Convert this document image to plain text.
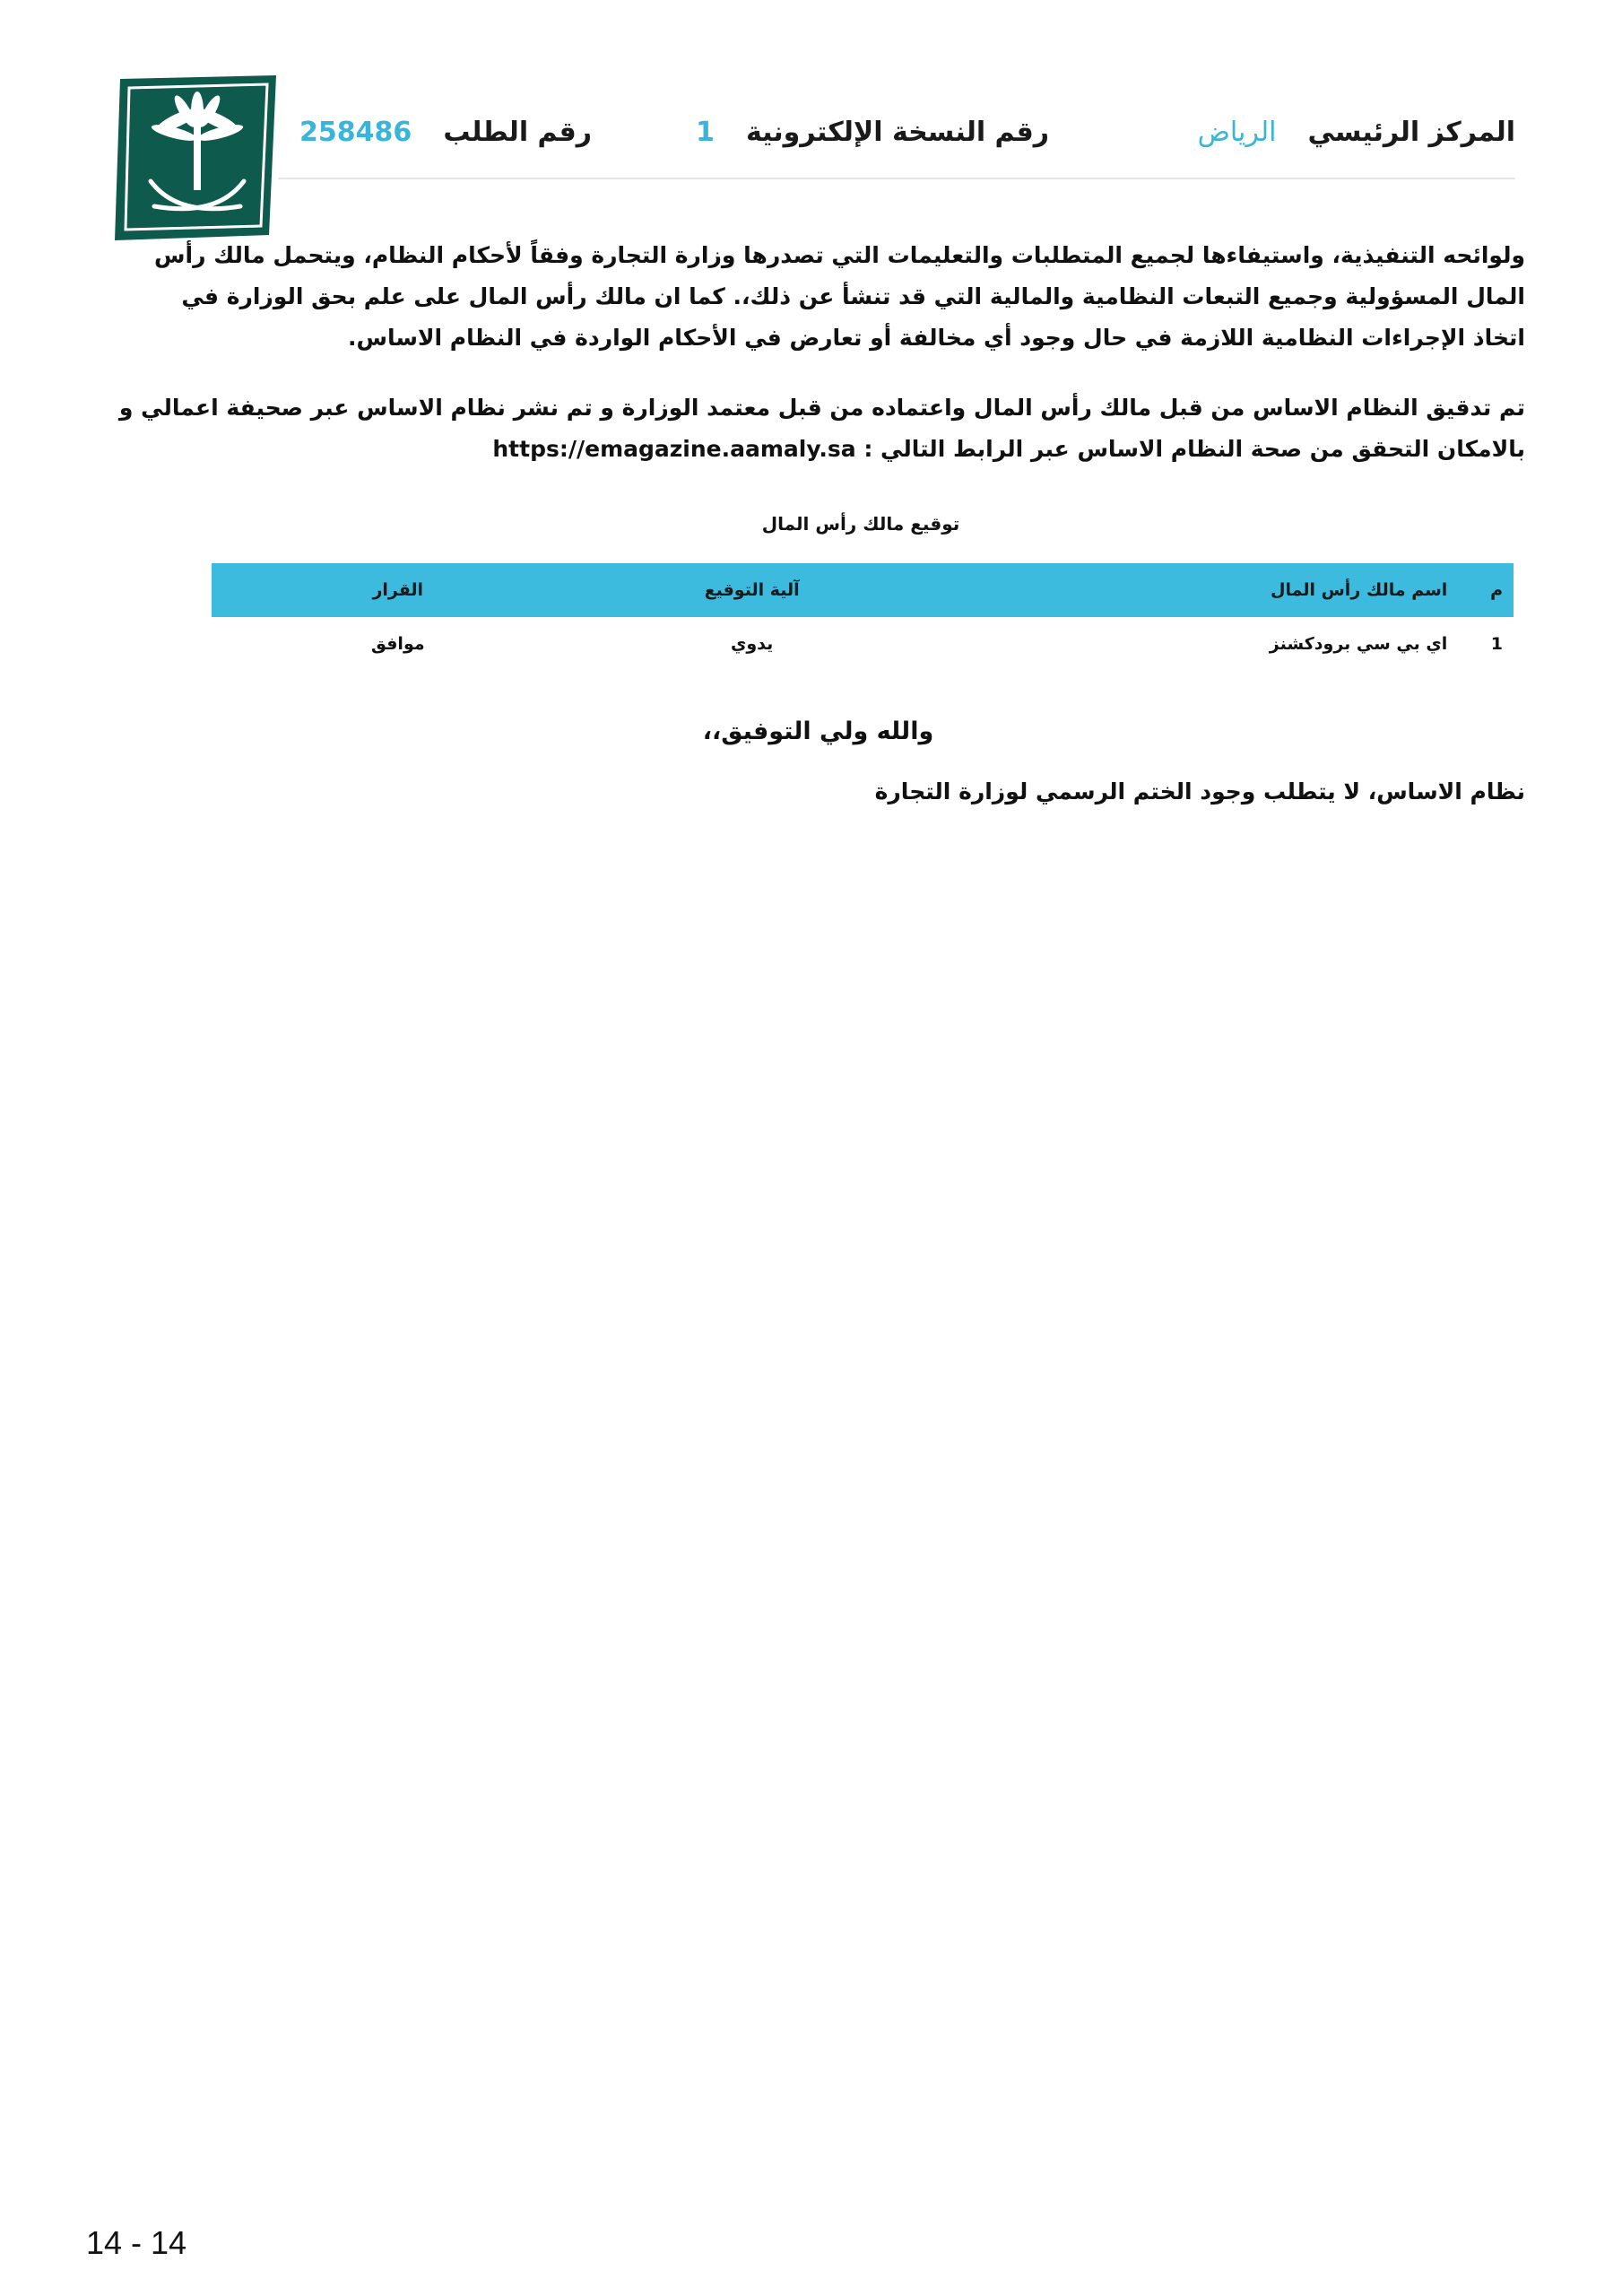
المركز الرئيسي الرياض
رقم النسخة الإلكترونية 1
رقم الطلب 258486
ولوائحه التنفيذية، واستيفاءها لجميع المتطلبات والتعليمات التي تصدرها وزارة التجارة وفقاً لأحكام النظام، ويتحمل مالك رأس المال المسؤولية وجميع التبعات النظامية والمالية التي قد تنشأ عن ذلك،. كما ان مالك رأس المال على علم بحق الوزارة في اتخاذ الإجراءات النظامية اللازمة في حال وجود أي مخالفة أو تعارض في الأحكام الواردة في النظام الاساس.
تم تدقيق النظام الاساس من قبل مالك رأس المال واعتماده من قبل معتمد الوزارة و تم نشر نظام الاساس عبر صحيفة اعمالي و بالامكان التحقق من صحة النظام الاساس عبر الرابط التالي : https://emagazine.aamaly.sa
توقيع مالك رأس المال
م	اسم مالك رأس المال	آلية التوقيع	القرار
1	اي بي سي برودكشنز	يدوي	موافق
والله ولي التوفيق،،
نظام الاساس، لا يتطلب وجود الختم الرسمي لوزارة التجارة
14 - 14
